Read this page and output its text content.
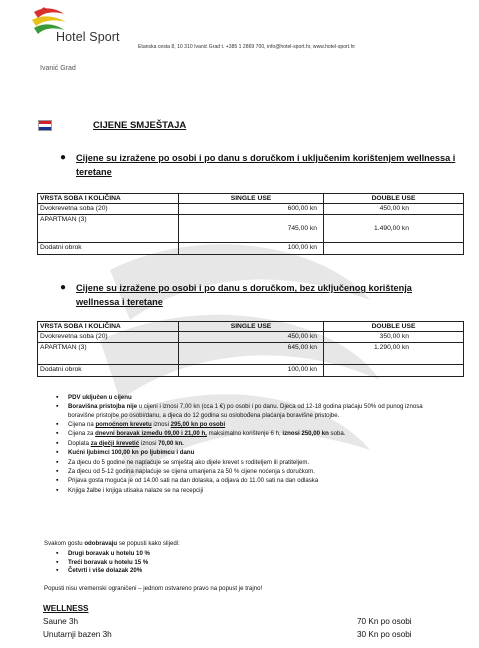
Hotel Sport
Ivanić Grad
Etanska cesta 8, 10 310 Ivanić Grad t. +385 1 2869 700, info@hotel-sport.hr, www.hotel-sport.hr
CIJENE SMJEŠTAJA
●
Cijene su izražene po osobi i po danu s doručkom i uključenim korištenjem wellnessa i teretane
VRSTA SOBA I KOLIČINA	SINGLE USE	DOUBLE USE
Dvokrevetna soba (20)	600,00 kn	450,00 kn
APARTMAN (3)	745,00 kn	1.490,00 kn
Dodatni obrok	100,00 kn	
●
Cijene su izražene po osobi i po danu s doručkom, bez uključenog korištenja wellnessa i teretane
VRSTA SOBA I KOLIČINA	SINGLE USE	DOUBLE USE
Dvokrevetna soba (20)	450,00 kn	350,00 kn
APARTMAN (3)	645,00 kn	1.290,00 kn
Dodatni obrok	100,00 kn	
▪ PDV uključen u cijenu
▪ Boravišna pristojba nije u cijeni i iznosi 7,00 kn (cca 1 €) po osobi i po danu. Djeca od 12-18 godina plaćaju 50% od punog iznosa boravišne pristojbe po osobi/danu, a djeca do 12 godina su oslobođena plaćanja boravišne pristojbe.
▪ Cijena na pomoćnom krevetu iznosi 295,00 kn po osobi
▪ Cijena za dnevni boravak između 09,00 i 21,00 h, maksimalno korištenje 6 h, iznosi 250,00 kn soba.
▪ Doplata za dječji krevetić iznosi 70,00 kn.
▪ Kućni ljubimci 100,00 kn po ljubimcu i danu
▪ Za djecu do 5 godine ne naplaćuje se smještaj ako dijele krevet s roditeljem ili pratiteljem.
▪ Za djecu od 5-12 godina naplaćuje se cijena umanjena za 50 % cijene noćenja s doručkom.
▪ Prijava gosta moguća je od 14.00 sati na dan dolaska, a odjava do 11.00 sati na dan odlaska
▪ Knjiga žalbe i knjiga utisaka nalaze se na recepciji
Svakom gostu odobravaju se popusti kako slijedi:
▪ Drugi boravak u hotelu 10 %
▪ Treći boravak u hotelu 15 %
▪ Četvrti i više dolazak 20%
Popusti nisu vremenski ograničeni – jednom ostvareno pravo na popust je trajno!
WELLNESS
Saune 3h	70 Kn po osobi
Unutarnji bazen 3h	30 Kn po osobi
